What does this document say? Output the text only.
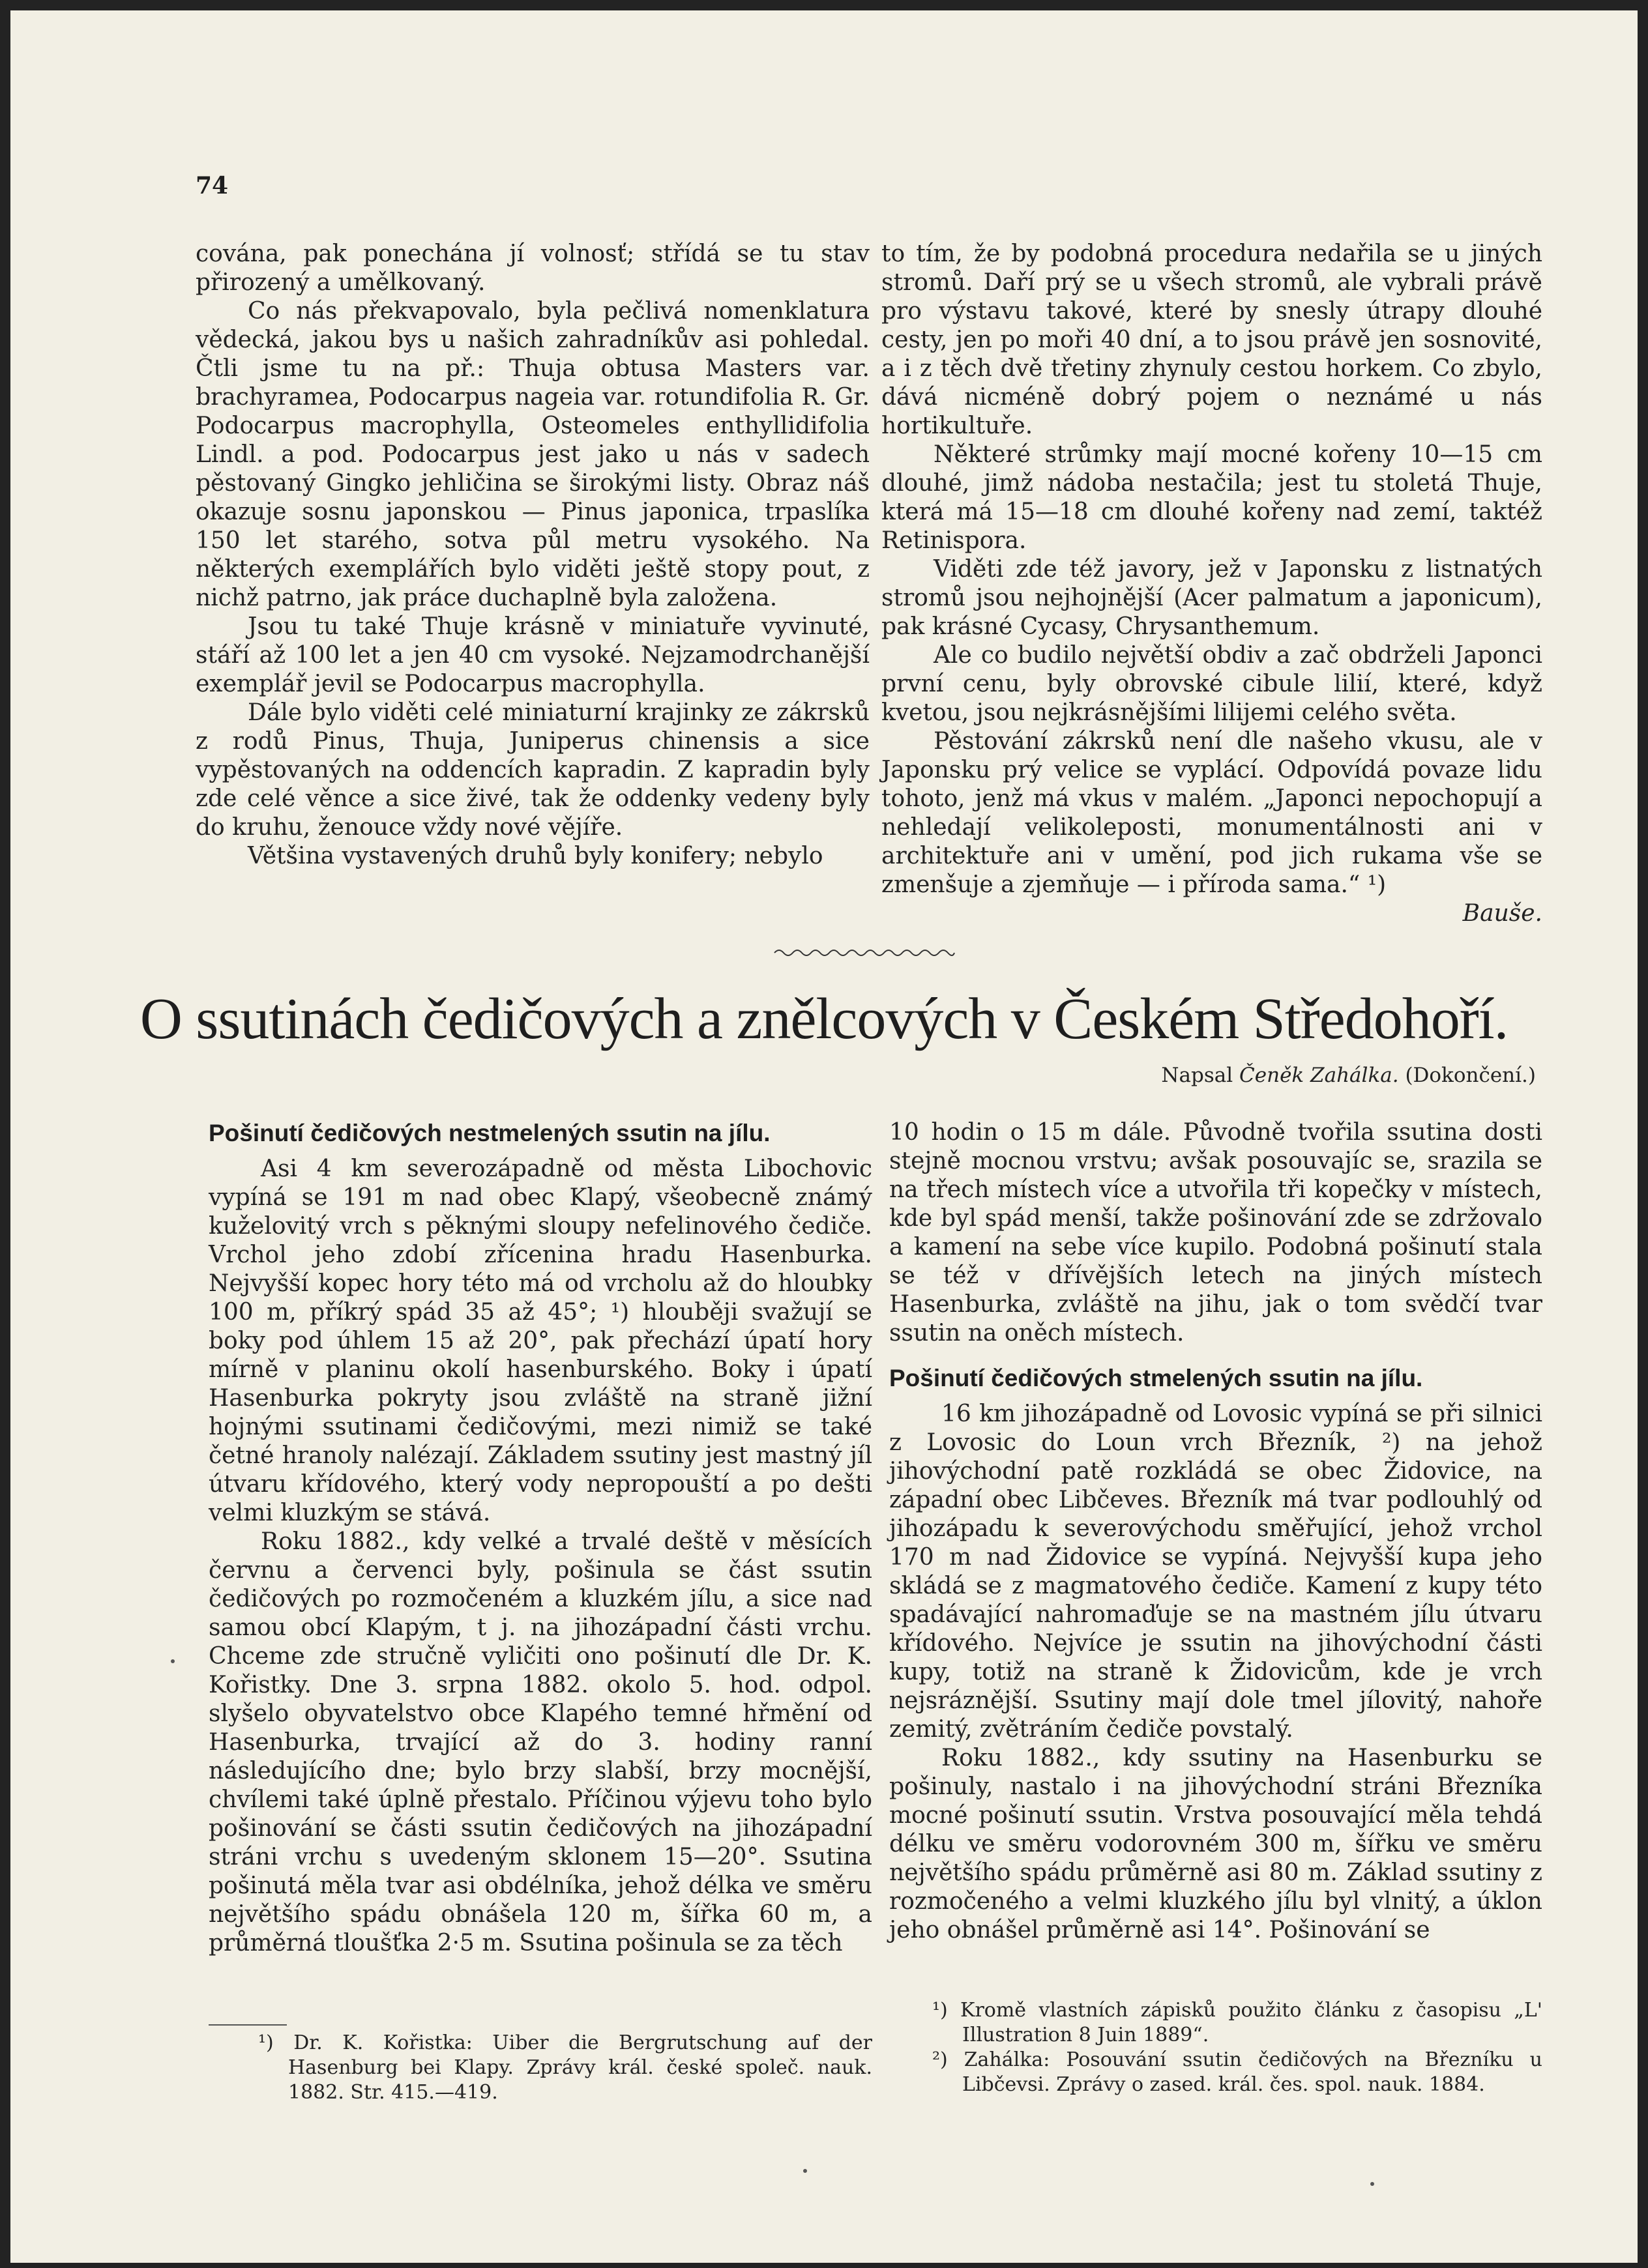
74

cována, pak ponechána jí volnosť; střídá se tu stav přirozený a umělkovaný.

Co nás překvapovalo, byla pečlivá nomenklatura vědecká, jakou bys u našich zahradníkův asi pohledal. Čtli jsme tu na př.: Thuja obtusa Masters var. brachyramea, Podocarpus nageia var. rotundifolia R. Gr. Podocarpus macrophylla, Osteomeles enthyllidifolia Lindl. a pod. Podocarpus jest jako u nás v sadech pěstovaný Gingko jehličina se širokými listy. Obraz náš okazuje sosnu japonskou — Pinus japonica, trpaslíka 150 let starého, sotva půl metru vysokého. Na některých exemplářích bylo viděti ještě stopy pout, z nichž patrno, jak práce duchaplně byla založena.

Jsou tu také Thuje krásně v miniatuře vyvinuté, stáří až 100 let a jen 40 cm vysoké. Nejzamodrchanější exemplář jevil se Podocarpus macrophylla.

Dále bylo viděti celé miniaturní krajinky ze zákrsků z rodů Pinus, Thuja, Juniperus chinensis a sice vypěstovaných na oddencích kapradin. Z kapradin byly zde celé věnce a sice živé, tak že oddenky vedeny byly do kruhu, ženouce vždy nové vějíře.

Většina vystavených druhů byly konifery; nebylo

to tím, že by podobná procedura nedařila se u jiných stromů. Daří prý se u všech stromů, ale vybrali právě pro výstavu takové, které by snesly útrapy dlouhé cesty, jen po moři 40 dní, a to jsou právě jen sosnovité, a i z těch dvě třetiny zhynuly cestou horkem. Co zbylo, dává nicméně dobrý pojem o neznámé u nás hortikultuře.

Některé strůmky mají mocné kořeny 10—15 cm dlouhé, jimž nádoba nestačila; jest tu stoletá Thuje, která má 15—18 cm dlouhé kořeny nad zemí, taktéž Retinispora.

Viděti zde též javory, jež v Japonsku z listnatých stromů jsou nejhojnější (Acer palmatum a japonicum), pak krásné Cycasy, Chrysanthemum.

Ale co budilo největší obdiv a zač obdrželi Japonci první cenu, byly obrovské cibule lilií, které, když kvetou, jsou nejkrásnějšími lilijemi celého světa.

Pěstování zákrsků není dle našeho vkusu, ale v Japonsku prý velice se vyplácí. Odpovídá povaze lidu tohoto, jenž má vkus v malém. „Japonci nepochopují a nehledají velikoleposti, monumentálnosti ani v architektuře ani v umění, pod jich rukama vše se zmenšuje a zjemňuje — i příroda sama.“ ¹)

Bauše.

O ssutinách čedičových a znělcových v Českém Středohoří.
Napsal Čeněk Zahálka. (Dokončení.)
Pošinutí čedičových nestmelených ssutin na jílu.

Asi 4 km severozápadně od města Libochovic vypíná se 191 m nad obec Klapý, všeobecně známý kuželovitý vrch s pěknými sloupy nefelinového čediče. Vrchol jeho zdobí zřícenina hradu Hasenburka. Nejvyšší kopec hory této má od vrcholu až do hloubky 100 m, příkrý spád 35 až 45°; ¹) hlouběji svažují se boky pod úhlem 15 až 20°, pak přechází úpatí hory mírně v planinu okolí hasenburského. Boky i úpatí Hasenburka pokryty jsou zvláště na straně jižní hojnými ssutinami čedičovými, mezi nimiž se také četné hranoly nalézají. Základem ssutiny jest mastný jíl útvaru křídového, který vody nepropouští a po dešti velmi kluzkým se stává.

Roku 1882., kdy velké a trvalé deště v měsících červnu a červenci byly, pošinula se část ssutin čedičových po rozmočeném a kluzkém jílu, a sice nad samou obcí Klapým, t j. na jihozápadní části vrchu. Chceme zde stručně vyličiti ono pošinutí dle Dr. K. Kořistky. Dne 3. srpna 1882. okolo 5. hod. odpol. slyšelo obyvatelstvo obce Klapého temné hřmění od Hasenburka, trvající až do 3. hodiny ranní následujícího dne; bylo brzy slabší, brzy mocnější, chvílemi také úplně přestalo. Příčinou výjevu toho bylo pošinování se části ssutin čedičových na jihozápadní stráni vrchu s uvedeným sklonem 15—20°. Ssutina pošinutá měla tvar asi obdélníka, jehož délka ve směru největšího spádu obnášela 120 m, šířka 60 m, a průměrná tloušťka 2·5 m. Ssutina pošinula se za těch

10 hodin o 15 m dále. Původně tvořila ssutina dosti stejně mocnou vrstvu; avšak posouvajíc se, srazila se na třech místech více a utvořila tři kopečky v místech, kde byl spád menší, takže pošinování zde se zdržovalo a kamení na sebe více kupilo. Podobná pošinutí stala se též v dřívějších letech na jiných místech Hasenburka, zvláště na jihu, jak o tom svědčí tvar ssutin na oněch místech.

Pošinutí čedičových stmelených ssutin na jílu.

16 km jihozápadně od Lovosic vypíná se při silnici z Lovosic do Loun vrch Březník, ²) na jehož jihovýchodní patě rozkládá se obec Židovice, na západní obec Libčeves. Březník má tvar podlouhlý od jihozápadu k severovýchodu směřující, jehož vrchol 170 m nad Židovice se vypíná. Nejvyšší kupa jeho skládá se z magmatového čediče. Kamení z kupy této spadávající nahromaďuje se na mastném jílu útvaru křídového. Nejvíce je ssutin na jihovýchodní části kupy, totiž na straně k Židovicům, kde je vrch nejsráznější. Ssutiny mají dole tmel jílovitý, nahoře zemitý, zvětráním čediče povstalý.

Roku 1882., kdy ssutiny na Hasenburku se pošinuly, nastalo i na jihovýchodní stráni Březníka mocné pošinutí ssutin. Vrstva posouvající měla tehdá délku ve směru vodorovném 300 m, šířku ve směru největšího spádu průměrně asi 80 m. Základ ssutiny z rozmočeného a velmi kluzkého jílu byl vlnitý, a úklon jeho obnášel průměrně asi 14°. Pošinování se

¹) Dr. K. Kořistka: Uiber die Bergrutschung auf der Hasenburg bei Klapy. Zprávy král. české společ. nauk. 1882. Str. 415.—419.

¹) Kromě vlastních zápisků použito článku z časopisu „L' Illustration 8 Juin 1889“.

²) Zahálka: Posouvání ssutin čedičových na Březníku u Libčevsi. Zprávy o zased. král. čes. spol. nauk. 1884.
